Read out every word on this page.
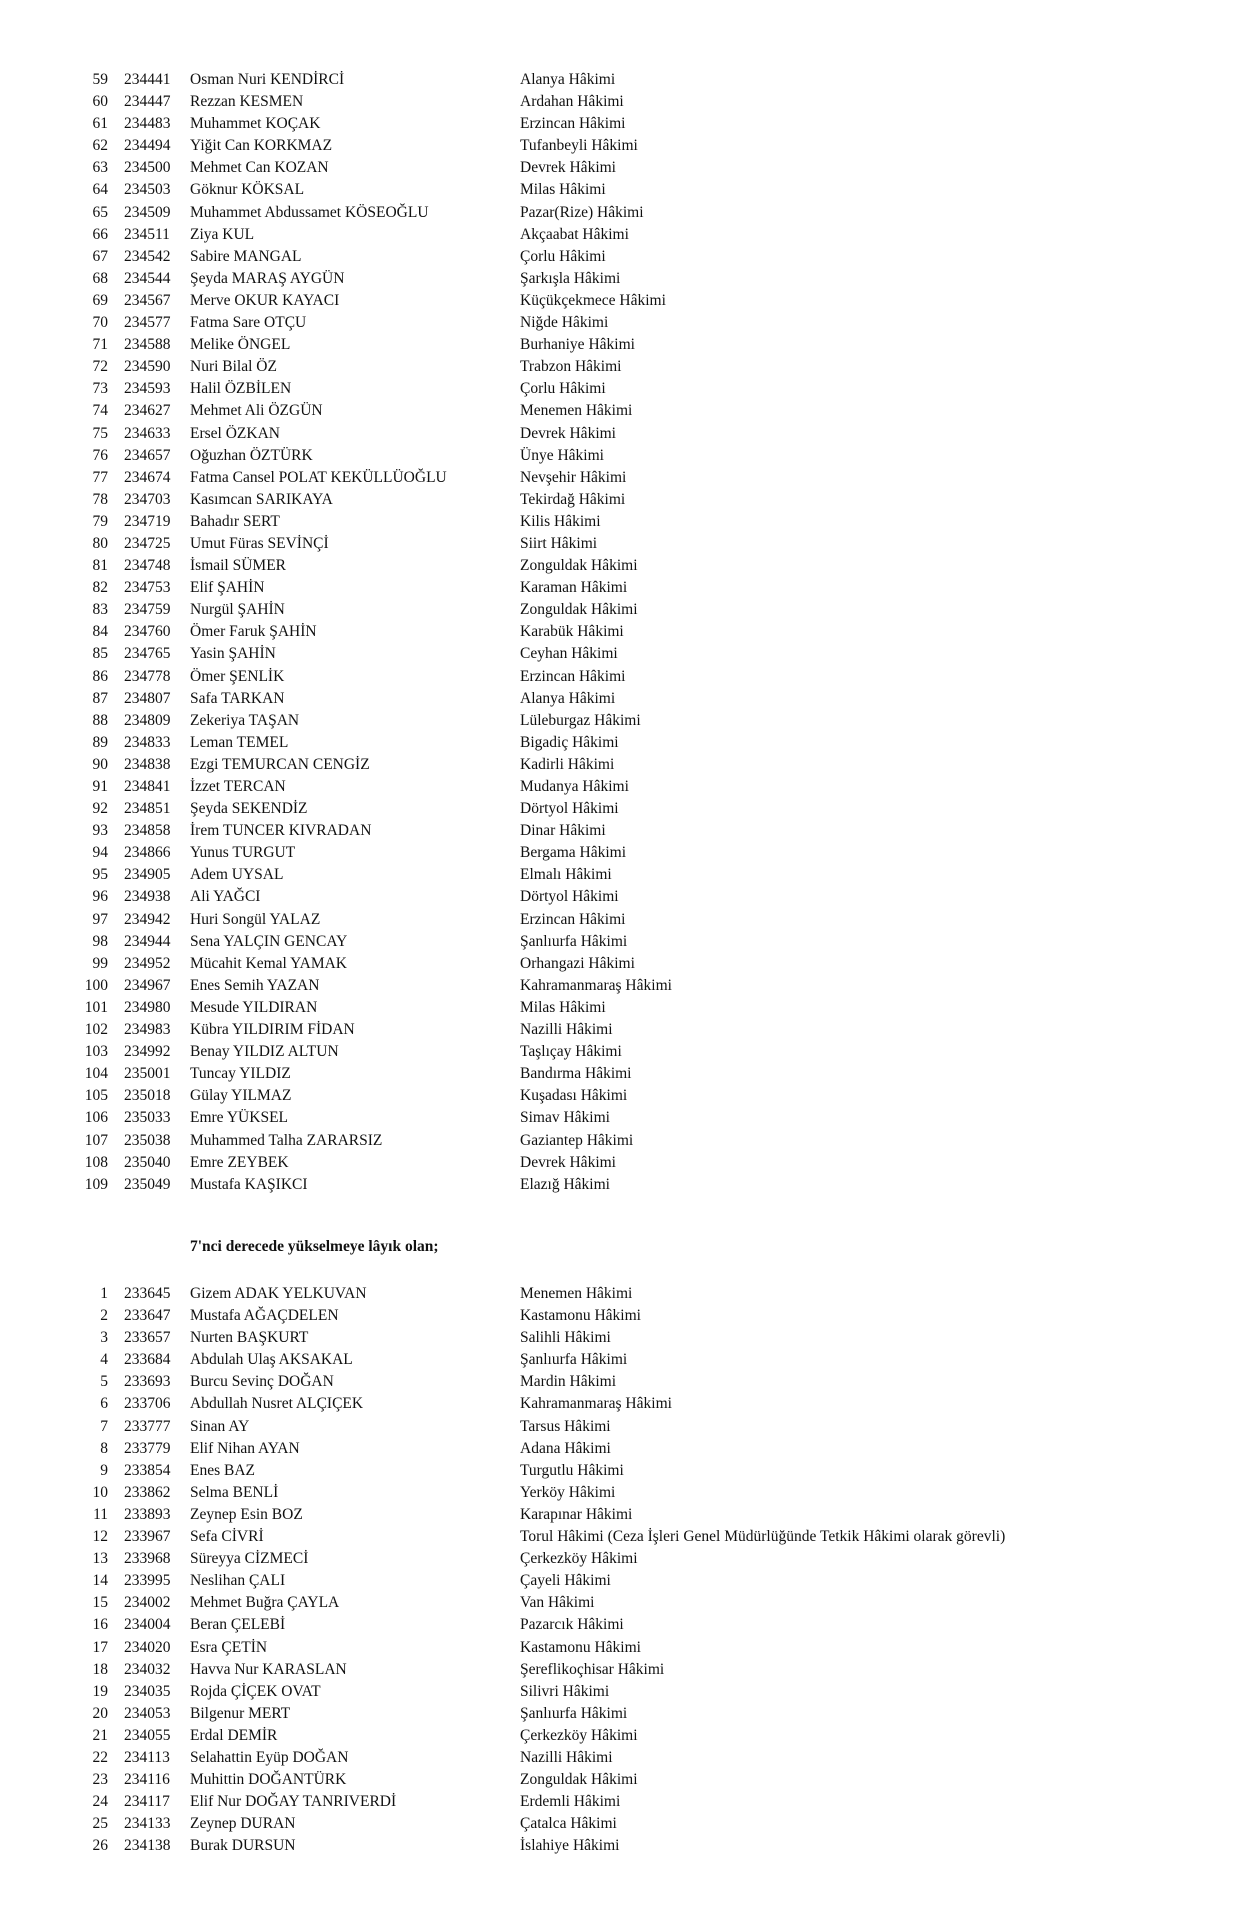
59 234441 Osman Nuri KENDİRCİ	Alanya Hâkimi
60 234447 Rezzan KESMEN	Ardahan Hâkimi
61 234483 Muhammet KOÇAK	Erzincan Hâkimi
62 234494 Yiğit Can KORKMAZ	Tufanbeyli Hâkimi
63 234500 Mehmet Can KOZAN	Devrek Hâkimi
64 234503 Göknur KÖKSAL	Milas Hâkimi
65 234509 Muhammet Abdussamet KÖSEOĞLU	Pazar(Rize) Hâkimi
66 234511 Ziya KUL	Akçaabat Hâkimi
67 234542 Sabire MANGAL	Çorlu Hâkimi
68 234544 Şeyda MARAŞ AYGÜN	Şarkışla Hâkimi
69 234567 Merve OKUR KAYACI	Küçükçekmece Hâkimi
70 234577 Fatma Sare OTÇU	Niğde Hâkimi
71 234588 Melike ÖNGEL	Burhaniye Hâkimi
72 234590 Nuri Bilal ÖZ	Trabzon Hâkimi
73 234593 Halil ÖZBİLEN	Çorlu Hâkimi
74 234627 Mehmet Ali ÖZGÜN	Menemen Hâkimi
75 234633 Ersel ÖZKAN	Devrek Hâkimi
76 234657 Oğuzhan ÖZTÜRK	Ünye Hâkimi
77 234674 Fatma Cansel POLAT KEKÜLLÜOĞLU	Nevşehir Hâkimi
78 234703 Kasımcan SARIKAYA	Tekirdağ Hâkimi
79 234719 Bahadır SERT	Kilis Hâkimi
80 234725 Umut Füras SEVİNÇİ	Siirt Hâkimi
81 234748 İsmail SÜMER	Zonguldak Hâkimi
82 234753 Elif ŞAHİN	Karaman Hâkimi
83 234759 Nurgül ŞAHİN	Zonguldak Hâkimi
84 234760 Ömer Faruk ŞAHİN	Karabük Hâkimi
85 234765 Yasin ŞAHİN	Ceyhan Hâkimi
86 234778 Ömer ŞENLİK	Erzincan Hâkimi
87 234807 Safa TARKAN	Alanya Hâkimi
88 234809 Zekeriya TAŞAN	Lüleburgaz Hâkimi
89 234833 Leman TEMEL	Bigadiç Hâkimi
90 234838 Ezgi TEMURCAN CENGİZ	Kadirli Hâkimi
91 234841 İzzet TERCAN	Mudanya Hâkimi
92 234851 Şeyda SEKENDİZ	Dörtyol Hâkimi
93 234858 İrem TUNCER KIVRADAN	Dinar Hâkimi
94 234866 Yunus TURGUT	Bergama Hâkimi
95 234905 Adem UYSAL	Elmalı Hâkimi
96 234938 Ali YAĞCI	Dörtyol Hâkimi
97 234942 Huri Songül YALAZ	Erzincan Hâkimi
98 234944 Sena YALÇIN GENCAY	Şanlıurfa Hâkimi
99 234952 Mücahit Kemal YAMAK	Orhangazi Hâkimi
100 234967 Enes Semih YAZAN	Kahramanmaraş Hâkimi
101 234980 Mesude YILDIRAN	Milas Hâkimi
102 234983 Kübra YILDIRIM FİDAN	Nazilli Hâkimi
103 234992 Benay YILDIZ ALTUN	Taşlıçay Hâkimi
104 235001 Tuncay YILDIZ	Bandırma Hâkimi
105 235018 Gülay YILMAZ	Kuşadası Hâkimi
106 235033 Emre YÜKSEL	Simav Hâkimi
107 235038 Muhammed Talha ZARARSIZ	Gaziantep Hâkimi
108 235040 Emre ZEYBEK	Devrek Hâkimi
109 235049 Mustafa KAŞIKCI	Elazığ Hâkimi
7'nci derecede yükselmeye lâyık olan;
1 233645 Gizem ADAK YELKUVAN	Menemen Hâkimi
2 233647 Mustafa AĞAÇDELEN	Kastamonu Hâkimi
3 233657 Nurten BAŞKURT	Salihli Hâkimi
4 233684 Abdulah Ulaş AKSAKAL	Şanlıurfa Hâkimi
5 233693 Burcu Sevinç DOĞAN	Mardin Hâkimi
6 233706 Abdullah Nusret ALÇIÇEK	Kahramanmaraş Hâkimi
7 233777 Sinan AY	Tarsus Hâkimi
8 233779 Elif Nihan AYAN	Adana Hâkimi
9 233854 Enes BAZ	Turgutlu Hâkimi
10 233862 Selma BENLİ	Yerköy Hâkimi
11 233893 Zeynep Esin BOZ	Karapınar Hâkimi
12 233967 Sefa CİVRİ	Torul Hâkimi (Ceza İşleri Genel Müdürlüğünde Tetkik Hâkimi olarak görevli)
13 233968 Süreyya CİZMECİ	Çerkezköy Hâkimi
14 233995 Neslihan ÇALI	Çayeli Hâkimi
15 234002 Mehmet Buğra ÇAYLA	Van Hâkimi
16 234004 Beran ÇELEBİ	Pazarcık Hâkimi
17 234020 Esra ÇETİN	Kastamonu Hâkimi
18 234032 Havva Nur KARASLAN	Şereflikoçhisar Hâkimi
19 234035 Rojda ÇİÇEK OVAT	Silivri Hâkimi
20 234053 Bilgenur MERT	Şanlıurfa Hâkimi
21 234055 Erdal DEMİR	Çerkezköy Hâkimi
22 234113 Selahattin Eyüp DOĞAN	Nazilli Hâkimi
23 234116 Muhittin DOĞANTÜRK	Zonguldak Hâkimi
24 234117 Elif Nur DOĞAY TANRIVERDİ	Erdemli Hâkimi
25 234133 Zeynep DURAN	Çatalca Hâkimi
26 234138 Burak DURSUN	İslahiye Hâkimi
